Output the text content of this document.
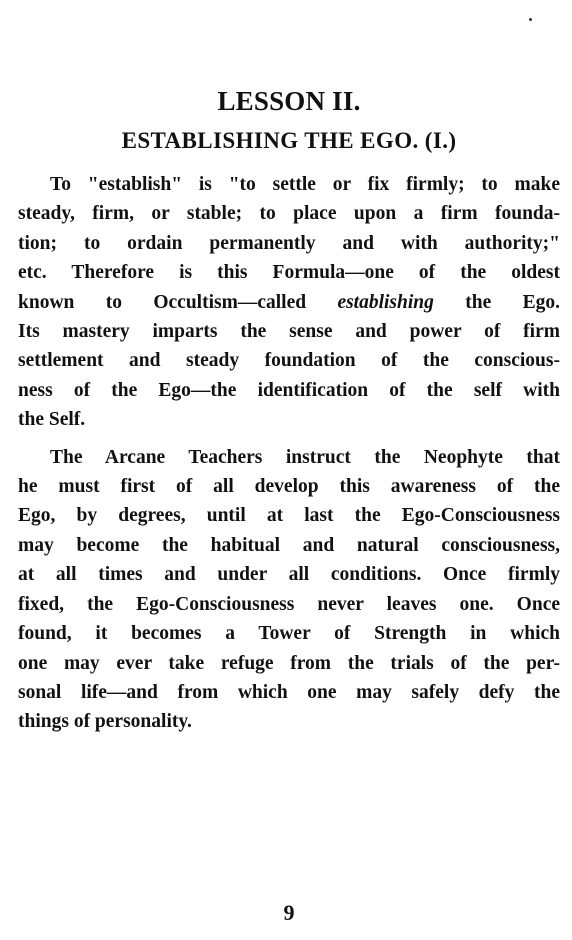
LESSON II.
ESTABLISHING THE EGO. (I.)
To "establish" is "to settle or fix firmly; to make
steady, firm, or stable; to place upon a firm founda-
tion; to ordain permanently and with authority;"
etc. Therefore is this Formula—one of the oldest
known to Occultism—called establishing the Ego.
Its mastery imparts the sense and power of firm
settlement and steady foundation of the conscious-
ness of the Ego—the identification of the self with
the Self.
The Arcane Teachers instruct the Neophyte that
he must first of all develop this awareness of the
Ego, by degrees, until at last the Ego-Consciousness
may become the habitual and natural consciousness,
at all times and under all conditions. Once firmly
fixed, the Ego-Consciousness never leaves one. Once
found, it becomes a Tower of Strength in which
one may ever take refuge from the trials of the per-
sonal life—and from which one may safely defy the
things of personality.
9
